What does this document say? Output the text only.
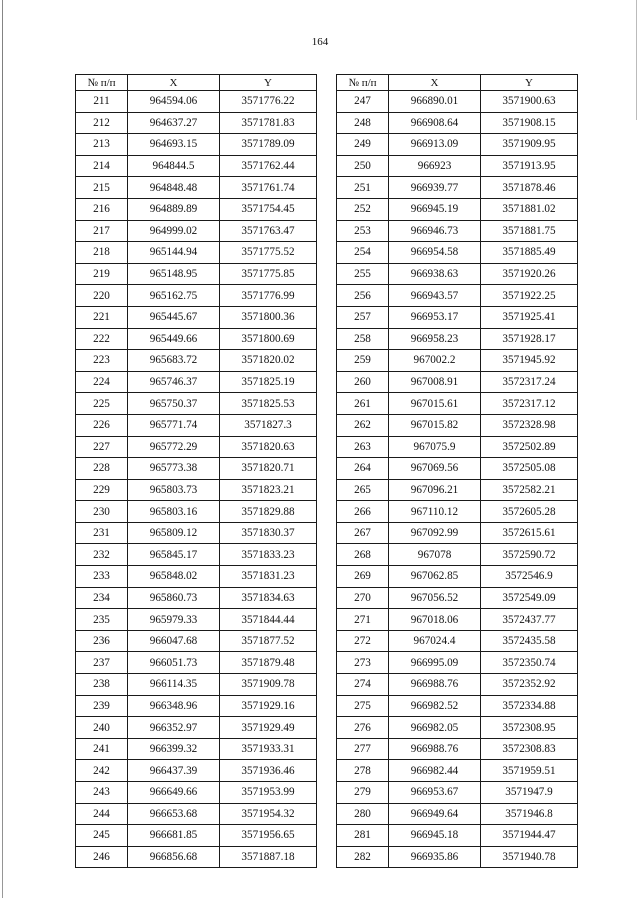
164
№ п/п	X	Y
211	964594.06	3571776.22
212	964637.27	3571781.83
213	964693.15	3571789.09
214	964844.5	3571762.44
215	964848.48	3571761.74
216	964889.89	3571754.45
217	964999.02	3571763.47
218	965144.94	3571775.52
219	965148.95	3571775.85
220	965162.75	3571776.99
221	965445.67	3571800.36
222	965449.66	3571800.69
223	965683.72	3571820.02
224	965746.37	3571825.19
225	965750.37	3571825.53
226	965771.74	3571827.3
227	965772.29	3571820.63
228	965773.38	3571820.71
229	965803.73	3571823.21
230	965803.16	3571829.88
231	965809.12	3571830.37
232	965845.17	3571833.23
233	965848.02	3571831.23
234	965860.73	3571834.63
235	965979.33	3571844.44
236	966047.68	3571877.52
237	966051.73	3571879.48
238	966114.35	3571909.78
239	966348.96	3571929.16
240	966352.97	3571929.49
241	966399.32	3571933.31
242	966437.39	3571936.46
243	966649.66	3571953.99
244	966653.68	3571954.32
245	966681.85	3571956.65
246	966856.68	3571887.18
№ п/п	X	Y
247	966890.01	3571900.63
248	966908.64	3571908.15
249	966913.09	3571909.95
250	966923	3571913.95
251	966939.77	3571878.46
252	966945.19	3571881.02
253	966946.73	3571881.75
254	966954.58	3571885.49
255	966938.63	3571920.26
256	966943.57	3571922.25
257	966953.17	3571925.41
258	966958.23	3571928.17
259	967002.2	3571945.92
260	967008.91	3572317.24
261	967015.61	3572317.12
262	967015.82	3572328.98
263	967075.9	3572502.89
264	967069.56	3572505.08
265	967096.21	3572582.21
266	967110.12	3572605.28
267	967092.99	3572615.61
268	967078	3572590.72
269	967062.85	3572546.9
270	967056.52	3572549.09
271	967018.06	3572437.77
272	967024.4	3572435.58
273	966995.09	3572350.74
274	966988.76	3572352.92
275	966982.52	3572334.88
276	966982.05	3572308.95
277	966988.76	3572308.83
278	966982.44	3571959.51
279	966953.67	3571947.9
280	966949.64	3571946.8
281	966945.18	3571944.47
282	966935.86	3571940.78
